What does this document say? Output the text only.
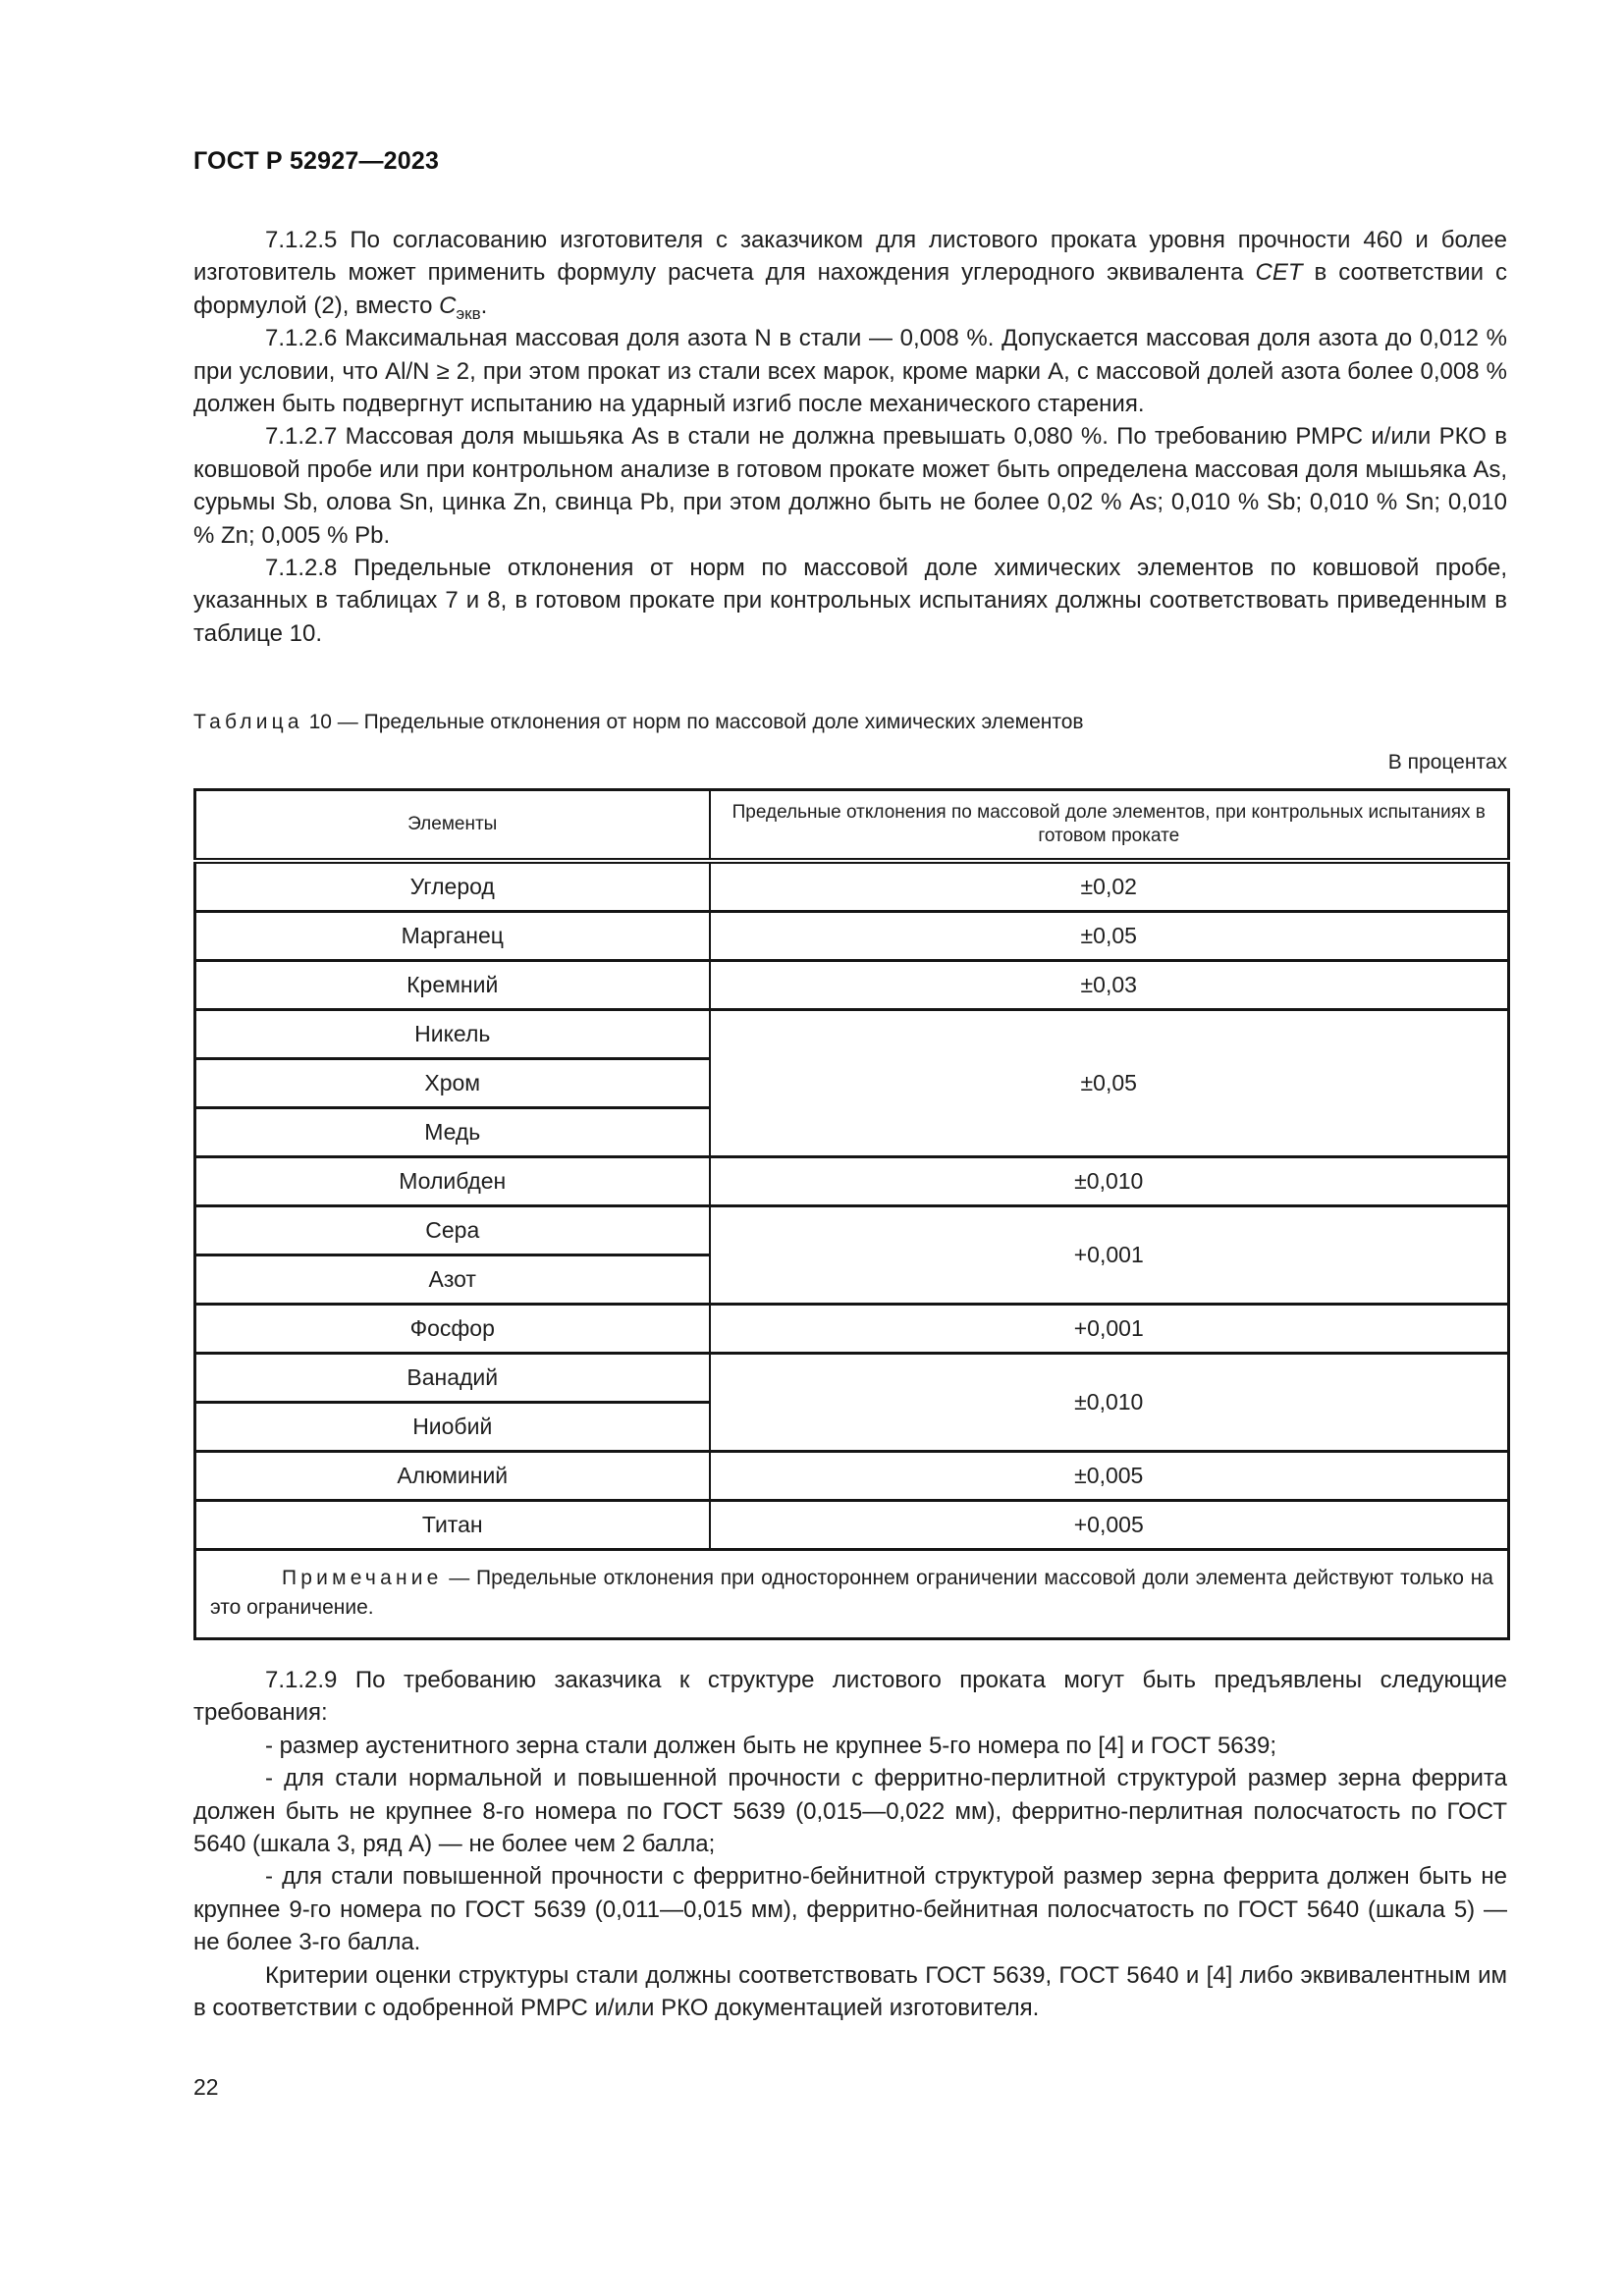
ГОСТ Р 52927—2023

7.1.2.5 По согласованию изготовителя с заказчиком для листового проката уровня прочности 460 и более изготовитель может применить формулу расчета для нахождения углеродного эквивалента CET в соответствии с формулой (2), вместо $C_{экв}$.

7.1.2.6 Максимальная массовая доля азота N в стали — 0,008 %. Допускается массовая доля азота до 0,012 % при условии, что Al/N ≥ 2, при этом прокат из стали всех марок, кроме марки А, с массовой долей азота более 0,008 % должен быть подвергнут испытанию на ударный изгиб после механического старения.

7.1.2.7 Массовая доля мышьяка As в стали не должна превышать 0,080 %. По требованию РМРС и/или РКО в ковшовой пробе или при контрольном анализе в готовом прокате может быть определена массовая доля мышьяка As, сурьмы Sb, олова Sn, цинка Zn, свинца Pb, при этом должно быть не более 0,02 % As; 0,010 % Sb; 0,010 % Sn; 0,010 % Zn; 0,005 % Pb.

7.1.2.8 Предельные отклонения от норм по массовой доле химических элементов по ковшовой пробе, указанных в таблицах 7 и 8, в готовом прокате при контрольных испытаниях должны соответствовать приведенным в таблице 10.

Таблица 10 — Предельные отклонения от норм по массовой доле химических элементов
В процентах
Элементы	Предельные отклонения по массовой доле элементов, при контрольных испытаниях в готовом прокате
Углерод	±0,02
Марганец	±0,05
Кремний	±0,03
Никель	±0,05
Хром	
Медь	
Молибден	±0,010
Сера	+0,001
Азот	
Фосфор	+0,001
Ванадий	±0,010
Ниобий	
Алюминий	±0,005
Титан	+0,005

Примечание — Предельные отклонения при одностороннем ограничении массовой доли элемента действуют только на это ограничение.	

7.1.2.9 По требованию заказчика к структуре листового проката могут быть предъявлены следующие требования:

- размер аустенитного зерна стали должен быть не крупнее 5-го номера по [4] и ГОСТ 5639;

- для стали нормальной и повышенной прочности с ферритно-перлитной структурой размер зерна феррита должен быть не крупнее 8-го номера по ГОСТ 5639 (0,015—0,022 мм), ферритно-перлитная полосчатость по ГОСТ 5640 (шкала 3, ряд А) — не более чем 2 балла;

- для стали повышенной прочности с ферритно-бейнитной структурой размер зерна феррита должен быть не крупнее 9-го номера по ГОСТ 5639 (0,011—0,015 мм), ферритно-бейнитная полосчатость по ГОСТ 5640 (шкала 5) — не более 3-го балла.

Критерии оценки структуры стали должны соответствовать ГОСТ 5639, ГОСТ 5640 и [4] либо эквивалентным им в соответствии с одобренной РМРС и/или РКО документацией изготовителя.

22
